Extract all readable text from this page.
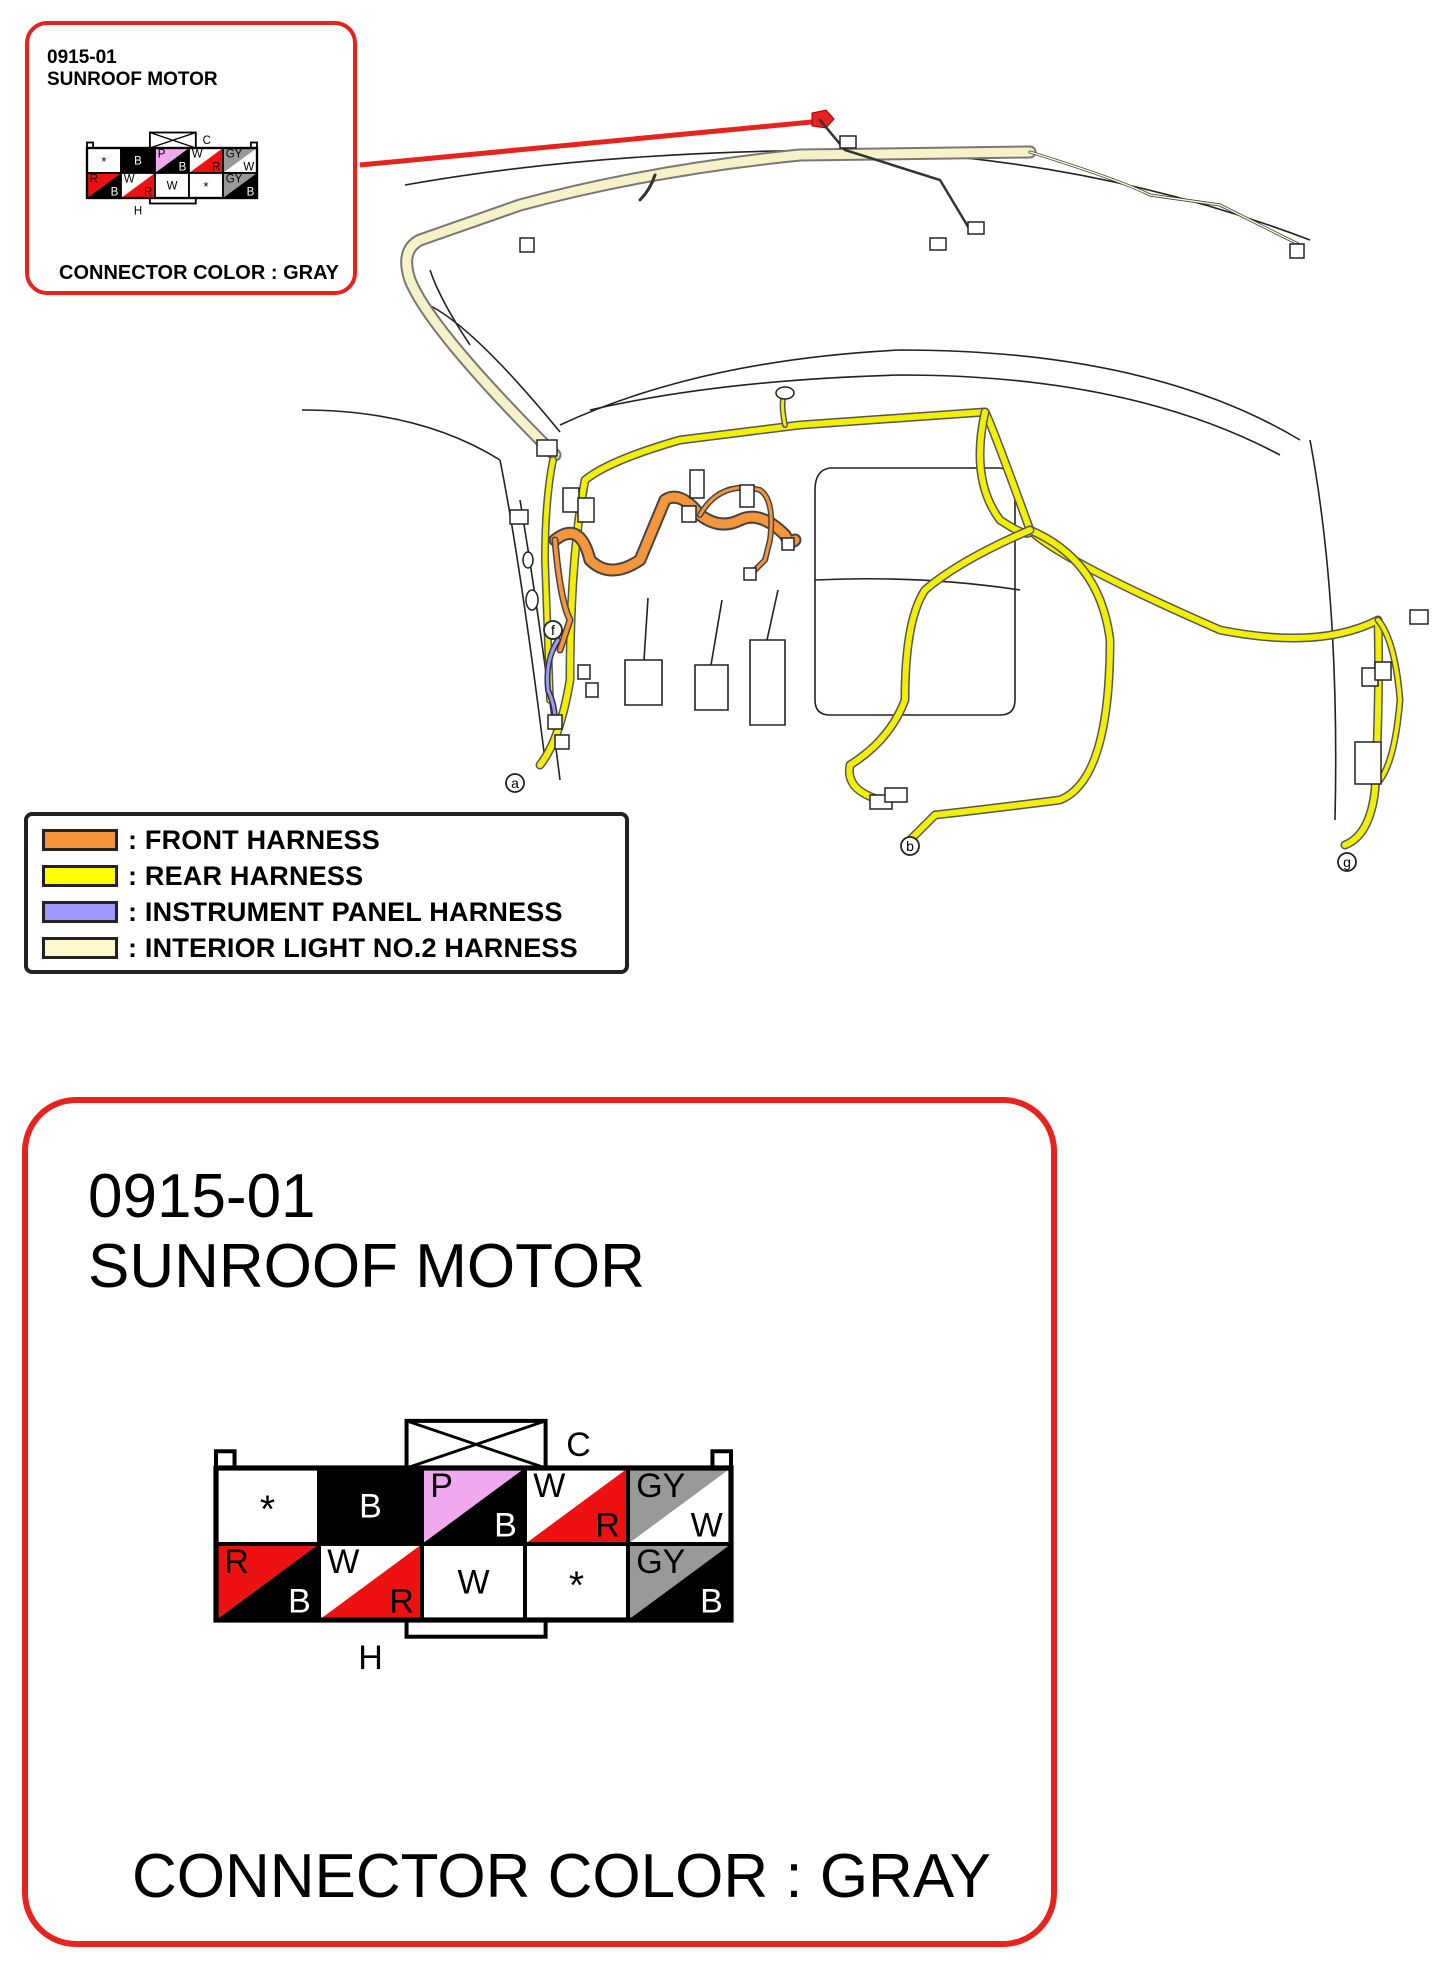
a
b
f
g
0915-01
SUNROOF MOTOR
* B
P
B
W
R
GY
W
R
B
W
R
W * GY
B
C
H
CONNECTOR COLOR : GRAY
: FRONT HARNESS
: REAR HARNESS
: INSTRUMENT PANEL HARNESS
: INTERIOR LIGHT NO.2 HARNESS
0915-01
SUNROOF MOTOR
* B
P
B
W
R
GY
W
R
B
W
R W *
GY
B
C
H
CONNECTOR COLOR : GRAY
